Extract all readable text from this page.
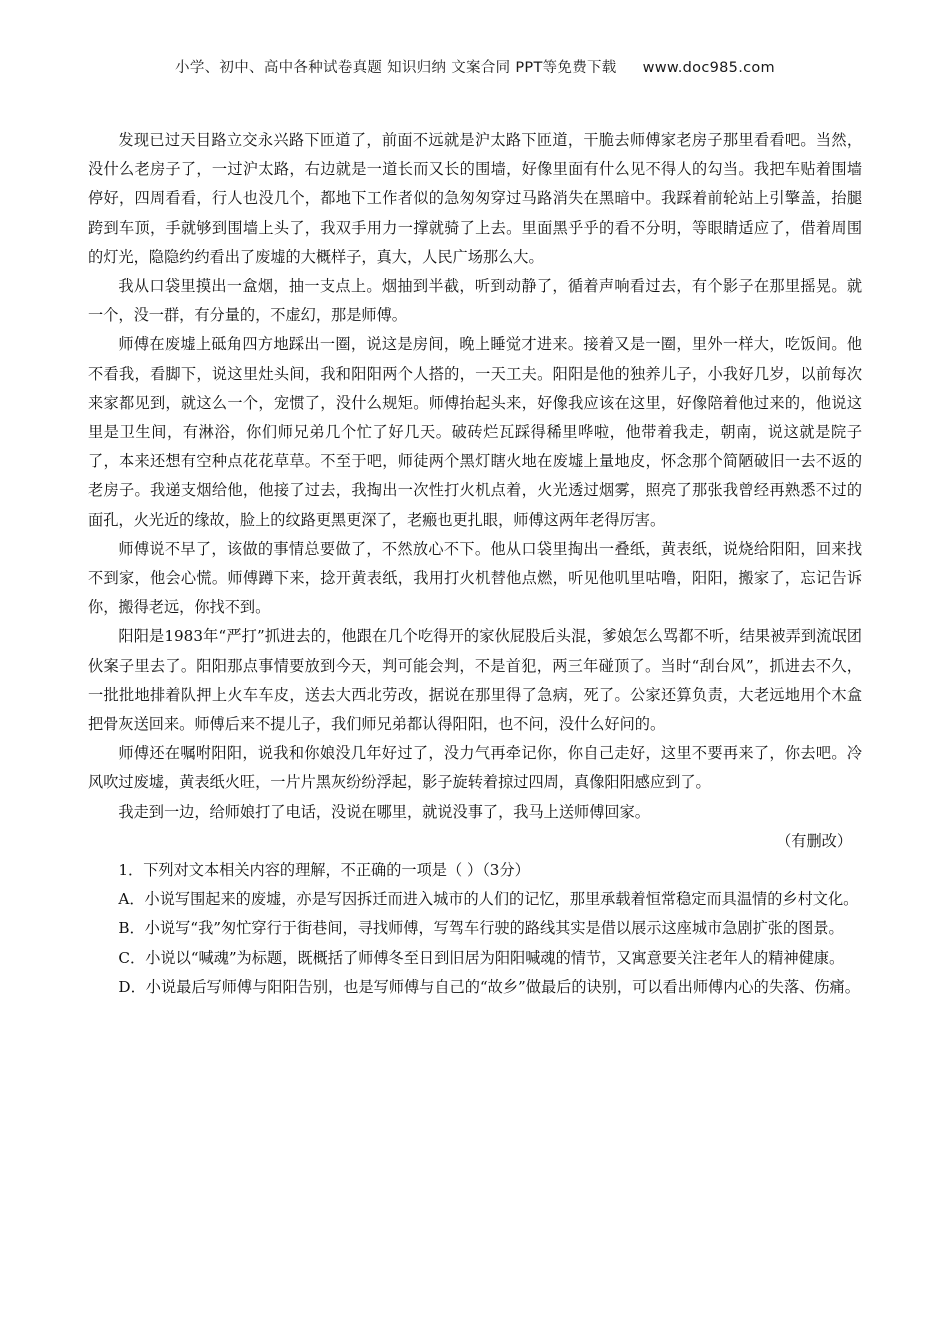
小学、初中、高中各种试卷真题 知识归纳 文案合同 PPT等免费下载 www.doc985.com

发现已过天目路立交永兴路下匝道了，前面不远就是沪太路下匝道，干脆去师傅家老房子那里看看吧。当然，没什么老房子了，一过沪太路，右边就是一道长而又长的围墙，好像里面有什么见不得人的勾当。我把车贴着围墙停好，四周看看，行人也没几个，都地下工作者似的急匆匆穿过马路消失在黑暗中。我踩着前轮站上引擎盖，抬腿跨到车顶，手就够到围墙上头了，我双手用力一撑就骑了上去。里面黑乎乎的看不分明，等眼睛适应了，借着周围的灯光，隐隐约约看出了废墟的大概样子，真大，人民广场那么大。

我从口袋里摸出一盒烟，抽一支点上。烟抽到半截，听到动静了，循着声响看过去，有个影子在那里摇晃。就一个，没一群，有分量的，不虚幻，那是师傅。

师傅在废墟上砥角四方地踩出一圈，说这是房间，晚上睡觉才进来。接着又是一圈，里外一样大，吃饭间。他不看我，看脚下，说这里灶头间，我和阳阳两个人搭的，一天工夫。阳阳是他的独养儿子，小我好几岁，以前每次来家都见到，就这么一个，宠惯了，没什么规矩。师傅抬起头来，好像我应该在这里，好像陪着他过来的，他说这里是卫生间，有淋浴，你们师兄弟几个忙了好几天。破砖烂瓦踩得稀里哗啦，他带着我走，朝南，说这就是院子了，本来还想有空种点花花草草。不至于吧，师徒两个黑灯瞎火地在废墟上量地皮，怀念那个简陋破旧一去不返的老房子。我递支烟给他，他接了过去，我掏出一次性打火机点着，火光透过烟雾，照亮了那张我曾经再熟悉不过的面孔，火光近的缘故，脸上的纹路更黑更深了，老瘢也更扎眼，师傅这两年老得厉害。

师傅说不早了，该做的事情总要做了，不然放心不下。他从口袋里掏出一叠纸，黄表纸，说烧给阳阳，回来找不到家，他会心慌。师傅蹲下来，捻开黄表纸，我用打火机替他点燃，听见他叽里咕噜，阳阳，搬家了，忘记告诉你，搬得老远，你找不到。

阳阳是1983年“严打”抓进去的，他跟在几个吃得开的家伙屁股后头混，爹娘怎么骂都不听，结果被弄到流氓团伙案子里去了。阳阳那点事情要放到今天，判可能会判，不是首犯，两三年碰顶了。当时“刮台风”，抓进去不久，一批批地排着队押上火车车皮，送去大西北劳改，据说在那里得了急病，死了。公家还算负责，大老远地用个木盒把骨灰送回来。师傅后来不提儿子，我们师兄弟都认得阳阳，也不问，没什么好问的。

师傅还在嘱咐阳阳，说我和你娘没几年好过了，没力气再牵记你，你自己走好，这里不要再来了，你去吧。冷风吹过废墟，黄表纸火旺，一片片黑灰纷纷浮起，影子旋转着掠过四周，真像阳阳感应到了。

我走到一边，给师娘打了电话，没说在哪里，就说没事了，我马上送师傅回家。

（有删改）

1．下列对文本相关内容的理解，不正确的一项是（ ）（3分）

A．小说写围起来的废墟，亦是写因拆迁而进入城市的人们的记忆，那里承载着恒常稳定而具温情的乡村文化。

B．小说写“我”匆忙穿行于街巷间，寻找师傅，写驾车行驶的路线其实是借以展示这座城市急剧扩张的图景。

C．小说以“喊魂”为标题，既概括了师傅冬至日到旧居为阳阳喊魂的情节，又寓意要关注老年人的精神健康。

D．小说最后写师傅与阳阳告别，也是写师傅与自己的“故乡”做最后的诀别，可以看出师傅内心的失落、伤痛。
